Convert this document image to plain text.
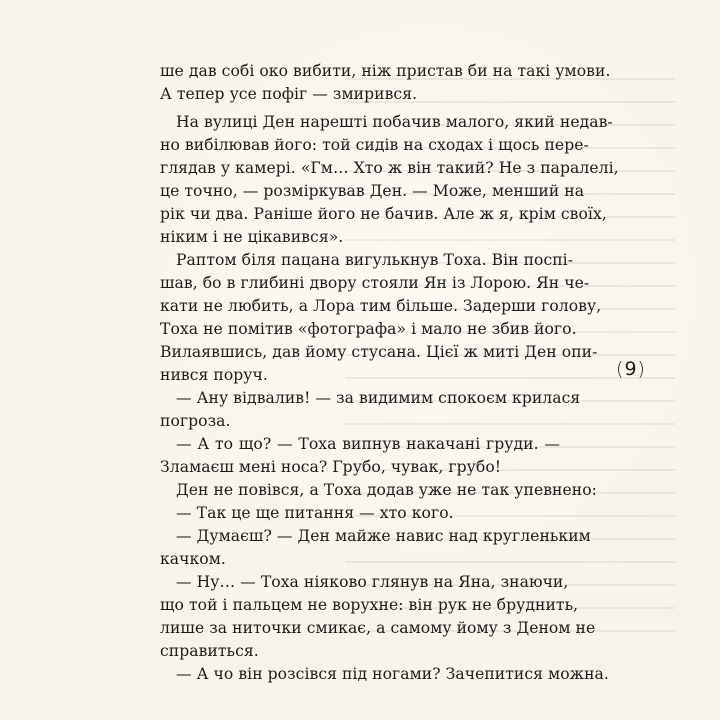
ше дав собі око вибити, ніж пристав би на такі умови.
А тепер усе пофіг — змирився.
На вулиці Ден нарешті побачив малого, який недав-
но вибілював його: той сидів на сходах і щось пере-
глядав у камері. «Гм… Хто ж він такий? Не з паралелі,
це точно, — розміркував Ден. — Може, менший на
рік чи два. Раніше його не бачив. Але ж я, крім своїх,
ніким і не цікавився».
Раптом біля пацана вигулькнув Тоха. Він поспі-
шав, бо в глибині двору стояли Ян із Лорою. Ян че-
кати не любить, а Лора тим більше. Задерши голову,
Тоха не помітив «фотографа» і мало не збив його.
Вилаявшись, дав йому стусана. Цієї ж миті Ден опи-
нився поруч.
— Ану відвалив! — за видимим спокоєм крилася
погроза.
— А то що? — Тоха випнув накачані груди. —
Зламаєш мені носа? Грубо, чувак, грубо!
Ден не повівся, а Тоха додав уже не так упевнено:
— Так це ще питання — хто кого.
— Думаєш? — Ден майже навис над кругленьким
качком.
— Ну… — Тоха ніяково глянув на Яна, знаючи,
що той і пальцем не ворухне: він рук не бруднить,
лише за ниточки смикає, а самому йому з Деном не
справиться.
— А чо він розсівся під ногами? Зачепитися можна.
(9)
